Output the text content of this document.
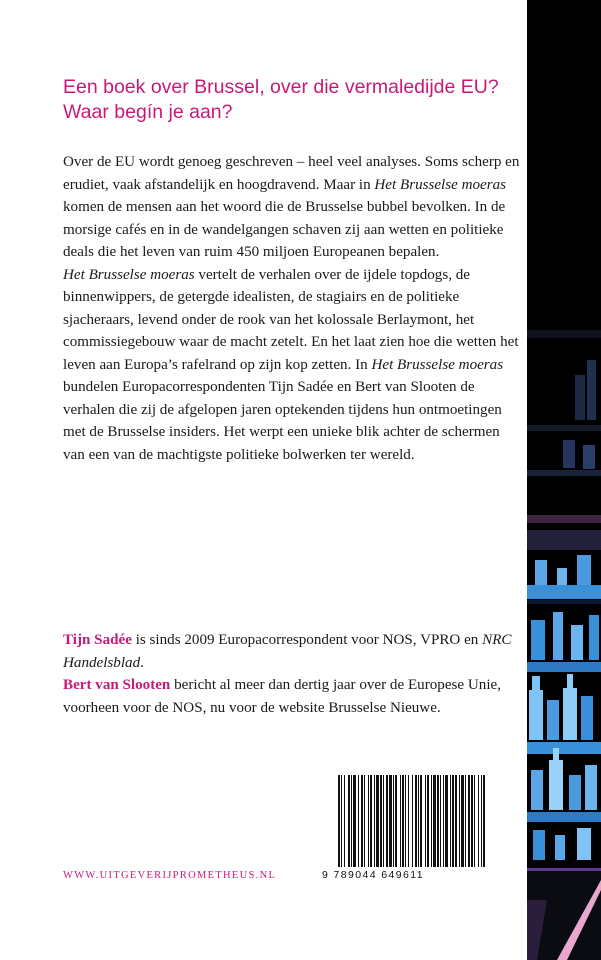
Een boek over Brussel, over die vermaledijde EU? Waar begín je aan?

Over de EU wordt genoeg geschreven – heel veel analyses. Soms scherp en erudiet, vaak afstandelijk en hoogdravend. Maar in Het Brusselse moeras komen de mensen aan het woord die de Brusselse bubbel bevolken. In de morsige cafés en in de wandelgangen schaven zij aan wetten en politieke deals die het leven van ruim 450 miljoen Europeanen bepalen.

Het Brusselse moeras vertelt de verhalen over de ijdele topdogs, de binnenwippers, de getergde idealisten, de stagiairs en de politieke sjacheraars, levend onder de rook van het kolossale Berlaymont, het commissiegebouw waar de macht zetelt. En het laat zien hoe die wetten het leven aan Europa’s rafelrand op zijn kop zetten. In Het Brusselse moeras bundelen Europacorrespondenten Tijn Sadée en Bert van Slooten de verhalen die zij de afgelopen jaren optekenden tijdens hun ontmoetingen met de Brusselse insiders. Het werpt een unieke blik achter de schermen van een van de machtigste politieke bolwerken ter wereld.

Tijn Sadée is sinds 2009 Europacorrespondent voor NOS, VPRO en NRC Handelsblad.

Bert van Slooten bericht al meer dan dertig jaar over de Europese Unie, voorheen voor de NOS, nu voor de website Brusselse Nieuwe.

9 789044 649611
WWW.UITGEVERIJPROMETHEUS.NL
